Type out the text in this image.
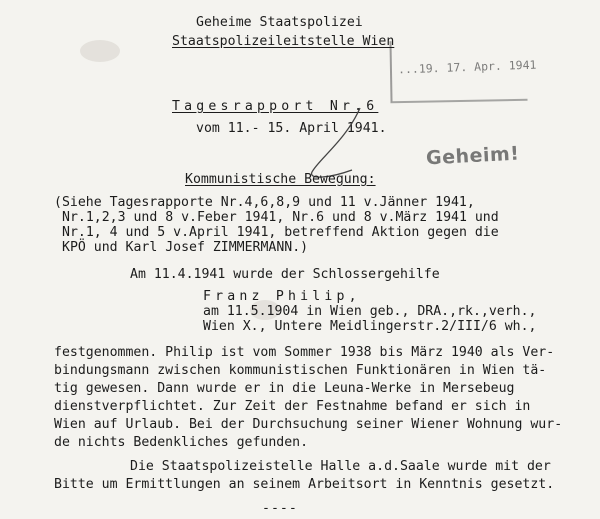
...19. 17. Apr. 1941
Geheime Staatspolizei
Staatspolizeileitstelle Wien
Tagesrapport Nr.6
vom 11.- 15. April 1941.
Geheim!
Kommunistische Bewegung:
(Siehe Tagesrapporte Nr.4,6,8,9 und 11 v.Jänner 1941,
Nr.1,2,3 und 8 v.Feber 1941, Nr.6 und 8 v.März 1941 und
Nr.1, 4 und 5 v.April 1941, betreffend Aktion gegen die
KPÖ und Karl Josef ZIMMERMANN.)
Am 11.4.1941 wurde der Schlossergehilfe
Franz Philip,
am 11.5.1904 in Wien geb., DRA.,rk.,verh.,
Wien X., Untere Meidlingerstr.2/III/6 wh.,
festgenommen. Philip ist vom Sommer 1938 bis März 1940 als Ver-
bindungsmann zwischen kommunistischen Funktionären in Wien tä-
tig gewesen. Dann wurde er in die Leuna-Werke in Mersebeug
dienstverpflichtet. Zur Zeit der Festnahme befand er sich in
Wien auf Urlaub. Bei der Durchsuchung seiner Wiener Wohnung wur-
de nichts Bedenkliches gefunden.
Die Staatspolizeistelle Halle a.d.Saale wurde mit der
Bitte um Ermittlungen an seinem Arbeitsort in Kenntnis gesetzt.
----
